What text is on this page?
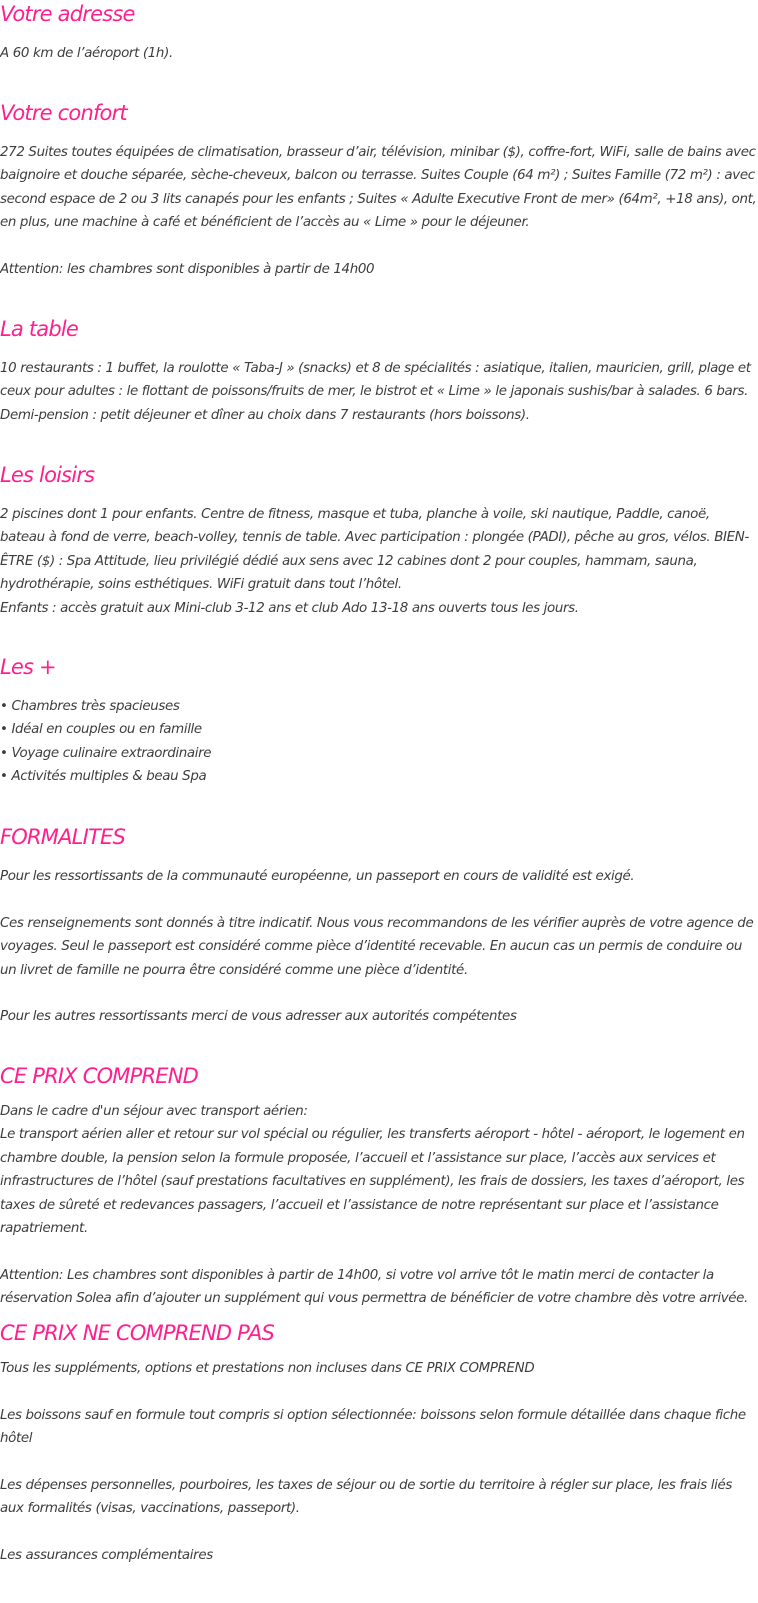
Votre adresse

A 60 km de l’aéroport (1h).

Votre confort

272 Suites toutes équipées de climatisation, brasseur d’air, télévision, minibar ($), coffre-fort, WiFi, salle de bains avec baignoire et douche séparée, sèche-cheveux, balcon ou terrasse. Suites Couple (64 m²) ; Suites Famille (72 m²) : avec second espace de 2 ou 3 lits canapés pour les enfants ; Suites « Adulte Executive Front de mer» (64m², +18 ans), ont, en plus, une machine à café et bénéficient de l’accès au « Lime » pour le déjeuner.

Attention: les chambres sont disponibles à partir de 14h00

La table

10 restaurants : 1 buffet, la roulotte « Taba-J » (snacks) et 8 de spécialités : asiatique, italien, mauricien, grill, plage et ceux pour adultes : le flottant de poissons/fruits de mer, le bistrot et « Lime » le japonais sushis/bar à salades. 6 bars.

Demi-pension : petit déjeuner et dîner au choix dans 7 restaurants (hors boissons).

Les loisirs

2 piscines dont 1 pour enfants. Centre de fitness, masque et tuba, planche à voile, ski nautique, Paddle, canoë, bateau à fond de verre, beach-volley, tennis de table. Avec participation : plongée (PADI), pêche au gros, vélos. BIEN-ÊTRE ($) : Spa Attitude, lieu privilégié dédié aux sens avec 12 cabines dont 2 pour couples, hammam, sauna, hydrothérapie, soins esthétiques. WiFi gratuit dans tout l’hôtel.

Enfants : accès gratuit aux Mini-club 3-12 ans et club Ado 13-18 ans ouverts tous les jours.

Les +

• Chambres très spacieuses

• Idéal en couples ou en famille

• Voyage culinaire extraordinaire

• Activités multiples & beau Spa

FORMALITES

Pour les ressortissants de la communauté européenne, un passeport en cours de validité est exigé.

Ces renseignements sont donnés à titre indicatif. Nous vous recommandons de les vérifier auprès de votre agence de voyages. Seul le passeport est considéré comme pièce d’identité recevable. En aucun cas un permis de conduire ou un livret de famille ne pourra être considéré comme une pièce d’identité.

Pour les autres ressortissants merci de vous adresser aux autorités compétentes

CE PRIX COMPREND

Dans le cadre d'un séjour avec transport aérien:

Le transport aérien aller et retour sur vol spécial ou régulier, les transferts aéroport - hôtel - aéroport, le logement en chambre double, la pension selon la formule proposée, l’accueil et l’assistance sur place, l’accès aux services et infrastructures de l’hôtel (sauf prestations facultatives en supplément), les frais de dossiers, les taxes d’aéroport, les taxes de sûreté et redevances passagers, l’accueil et l’assistance de notre représentant sur place et l’assistance rapatriement.

Attention: Les chambres sont disponibles à partir de 14h00, si votre vol arrive tôt le matin merci de contacter la réservation Solea afin d’ajouter un supplément qui vous permettra de bénéficier de votre chambre dès votre arrivée.

CE PRIX NE COMPREND PAS

Tous les suppléments, options et prestations non incluses dans CE PRIX COMPREND

Les boissons sauf en formule tout compris si option sélectionnée: boissons selon formule détaillée dans chaque fiche hôtel

Les dépenses personnelles, pourboires, les taxes de séjour ou de sortie du territoire à régler sur place, les frais liés aux formalités (visas, vaccinations, passeport).

Les assurances complémentaires
